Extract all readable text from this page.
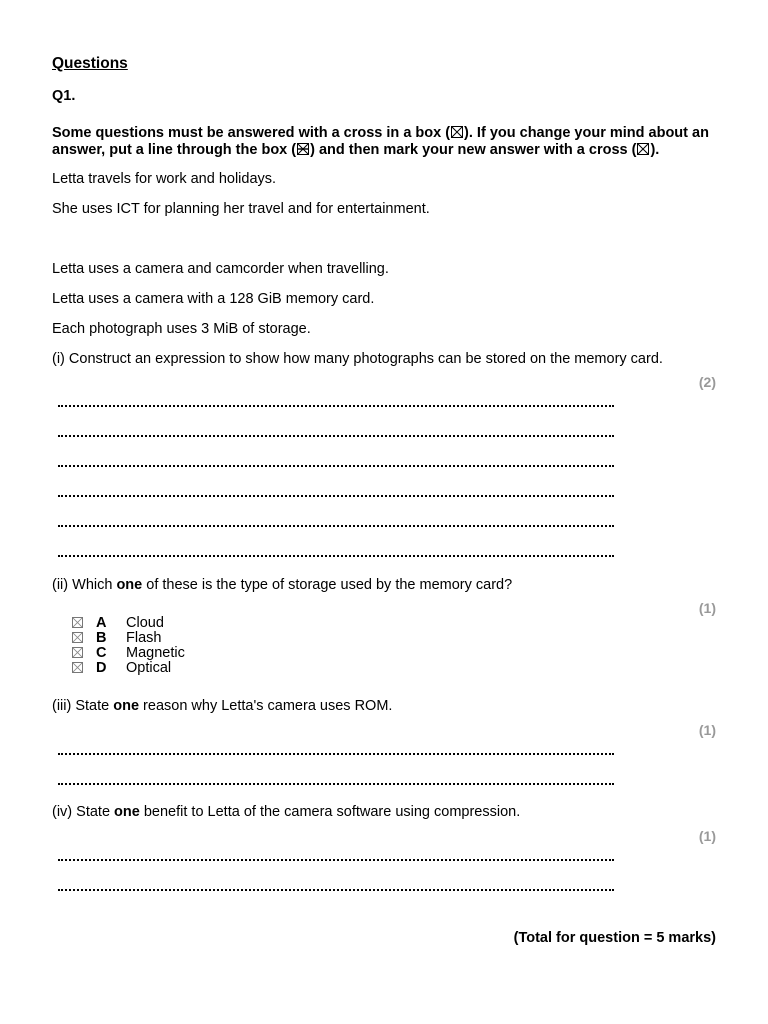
Questions
Q1.
Some questions must be answered with a cross in a box (☒). If you change your mind about an answer, put a line through the box ( ) and then mark your new answer with a cross (☒).
Letta travels for work and holidays.
She uses ICT for planning her travel and for entertainment.
Letta uses a camera and camcorder when travelling.
Letta uses a camera with a 128 GiB memory card.
Each photograph uses 3 MiB of storage.
(i) Construct an expression to show how many photographs can be stored on the memory card.
(2)
(ii) Which one of these is the type of storage used by the memory card?
(1)
A Cloud
B Flash
C Magnetic
D Optical
(iii) State one reason why Letta's camera uses ROM.
(1)
(iv) State one benefit to Letta of the camera software using compression.
(1)
(Total for question = 5 marks)
